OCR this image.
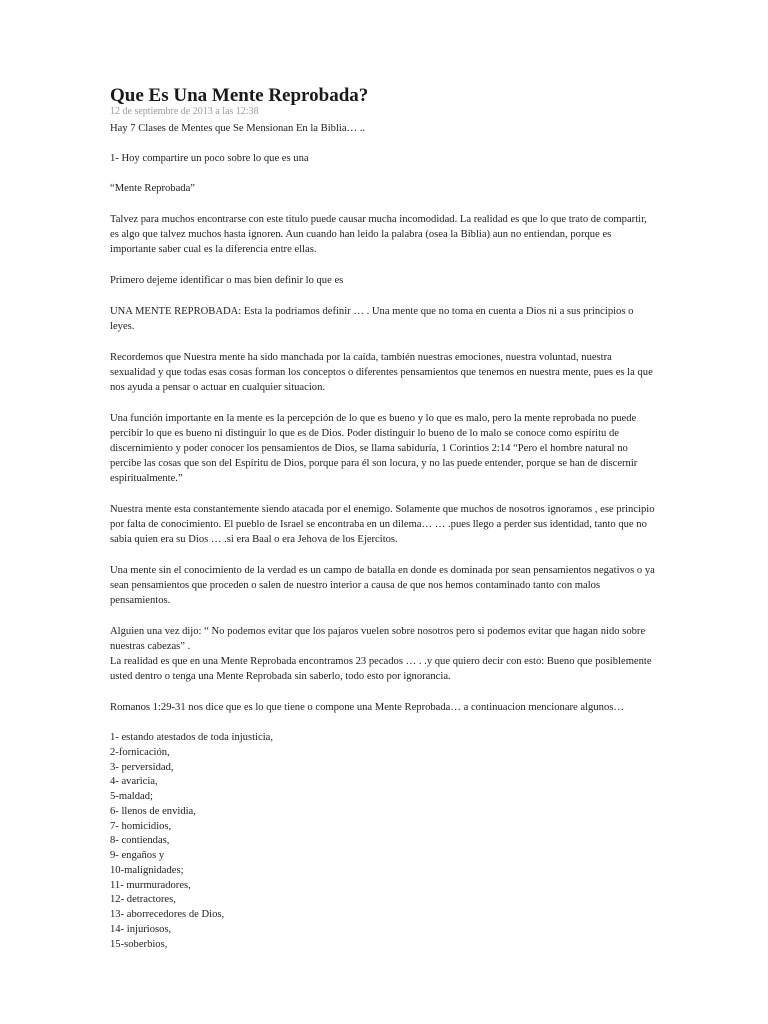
Que Es Una Mente Reprobada?
12 de septiembre de 2013 a las 12:38

Hay 7 Clases de Mentes que Se Mensionan En la Biblia… ..

1- Hoy compartire un poco sobre lo que es una

“Mente Reprobada”

Talvez para muchos encontrarse con este titulo puede causar mucha incomodidad. La realidad es que lo que trato de compartir, es algo que talvez muchos hasta ignoren. Aun cuando han leido la palabra (osea la Biblia) aun no entiendan, porque es importante saber cual es la diferencia entre ellas.

Primero dejeme identificar o mas bien definir lo que es

UNA MENTE REPROBADA: Esta la podriamos definir … . Una mente que no toma en cuenta a Dios ni a sus principios o leyes.

Recordemos que Nuestra mente ha sido manchada por la caída, también nuestras emociones, nuestra voluntad, nuestra sexualidad y que todas esas cosas forman los conceptos o diferentes pensamientos que tenemos en nuestra mente, pues es la que nos ayuda a pensar o actuar en cualquier situacion.

Una función importante en la mente es la percepción de lo que es bueno y lo que es malo, pero la mente reprobada no puede percibir lo que es bueno ni distinguir lo que es de Dios. Poder distinguir lo bueno de lo malo se conoce como espíritu de discernimiento y poder conocer los pensamientos de Dios, se llama sabiduría, 1 Corintios 2:14 “Pero el hombre natural no percibe las cosas que son del Espíritu de Dios, porque para él son locura, y no las puede entender, porque se han de discernir espiritualmente.”

Nuestra mente esta constantemente siendo atacada por el enemigo. Solamente que muchos de nosotros ignoramos , ese principio por falta de conocimiento. El pueblo de Israel se encontraba en un dilema… … .pues llego a perder sus identidad, tanto que no sabia quien era su Dios … .si era Baal o era Jehova de los Ejercitos.

Una mente sin el conocimiento de la verdad es un campo de batalla en donde es dominada por sean pensamientos negativos o ya sean pensamientos que proceden o salen de nuestro interior a causa de que nos hemos contaminado tanto con malos pensamientos.

Alguien una vez dijo: “ No podemos evitar que los pajaros vuelen sobre nosotros pero si podemos evitar que hagan nido sobre nuestras cabezas” .

La realidad es que en una Mente Reprobada encontramos 23 pecados … . .y que quiero decir con esto: Bueno que posiblemente usted dentro o tenga una Mente Reprobada sin saberlo, todo esto por ignorancia.

Romanos 1:29-31 nos dice que es lo que tiene o compone una Mente Reprobada… a continuacion mencionare algunos…

1- estando atestados de toda injusticia,
2-fornicación,
3- perversidad,
4- avaricia,
5-maldad;
6- llenos de envidia,
7- homicidios,
8- contiendas,
9- engaños y
10-malignidades;
11- murmuradores,
12- detractores,
13- aborrecedores de Dios,
14- injuriosos,
15-soberbios,
